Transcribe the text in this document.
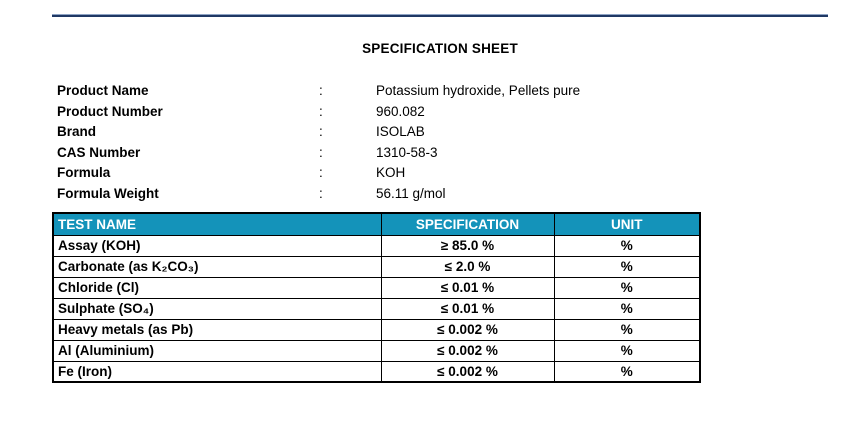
SPECIFICATION SHEET
Product Name	:	Potassium hydroxide, Pellets pure
Product Number	:	960.082
Brand	:	ISOLAB
CAS Number	:	1310-58-3
Formula	:	KOH
Formula Weight	:	56.11 g/mol
TEST NAME	SPECIFICATION	UNIT
Assay (KOH)	≥ 85.0 %	%
Carbonate (as K₂CO₃)	≤ 2.0 %	%
Chloride (Cl)	≤ 0.01 %	%
Sulphate (SO₄)	≤ 0.01 %	%
Heavy metals (as Pb)	≤ 0.002 %	%
Al (Aluminium)	≤ 0.002 %	%
Fe (Iron)	≤ 0.002 %	%
